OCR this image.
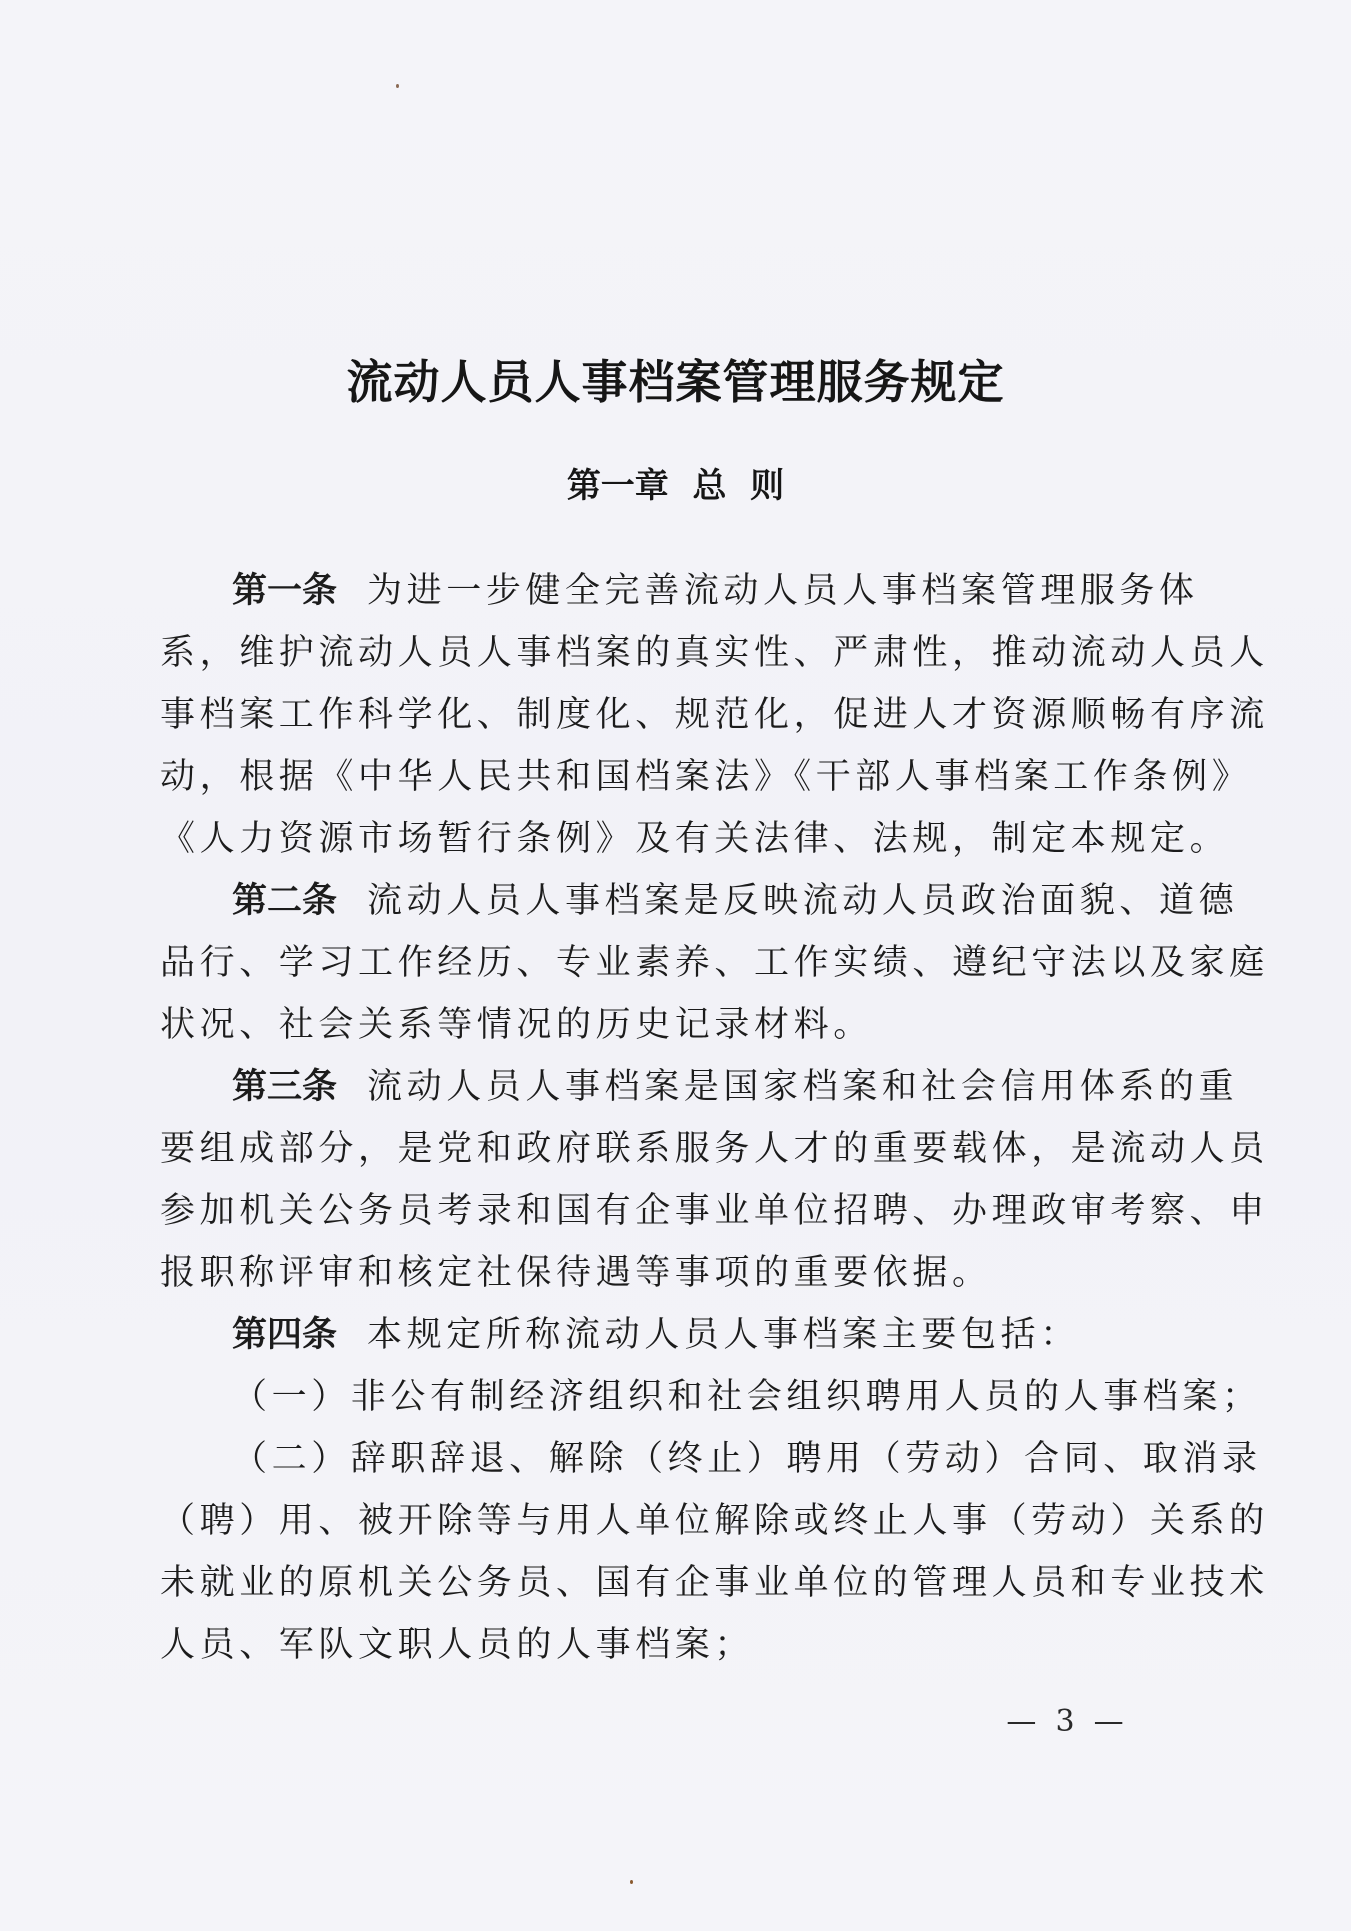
流动人员人事档案管理服务规定
第一章  总  则
第一条 为进一步健全完善流动人员人事档案管理服务体
系，维护流动人员人事档案的真实性、严肃性，推动流动人员人
事档案工作科学化、制度化、规范化，促进人才资源顺畅有序流
动，根据《中华人民共和国档案法》《干部人事档案工作条例》
《人力资源市场暂行条例》及有关法律、法规，制定本规定。
第二条 流动人员人事档案是反映流动人员政治面貌、道德
品行、学习工作经历、专业素养、工作实绩、遵纪守法以及家庭
状况、社会关系等情况的历史记录材料。
第三条 流动人员人事档案是国家档案和社会信用体系的重
要组成部分，是党和政府联系服务人才的重要载体，是流动人员
参加机关公务员考录和国有企事业单位招聘、办理政审考察、申
报职称评审和核定社保待遇等事项的重要依据。
第四条 本规定所称流动人员人事档案主要包括：
（一）非公有制经济组织和社会组织聘用人员的人事档案；
（二）辞职辞退、解除（终止）聘用（劳动）合同、取消录
（聘）用、被开除等与用人单位解除或终止人事（劳动）关系的
未就业的原机关公务员、国有企事业单位的管理人员和专业技术
人员、军队文职人员的人事档案；
—  3  —
